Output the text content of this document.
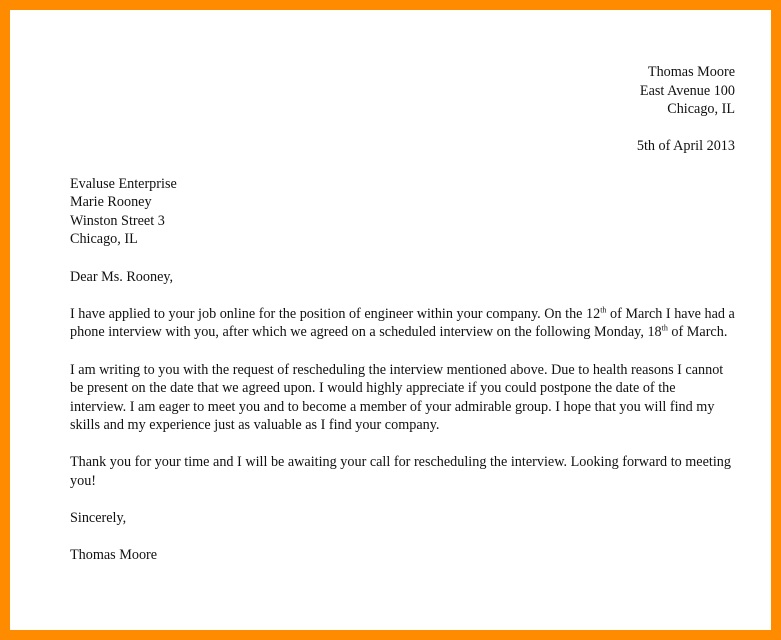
Thomas Moore
East Avenue 100
Chicago, IL
5th of April 2013
Evaluse Enterprise
Marie Rooney
Winston Street 3
Chicago, IL

Dear Ms. Rooney,

I have applied to your job online for the position of engineer within your company. On the 12th of March I have had a phone interview with you, after which we agreed on a scheduled interview on the following Monday, 18th of March.

I am writing to you with the request of rescheduling the interview mentioned above. Due to health reasons I cannot be present on the date that we agreed upon. I would highly appreciate if you could postpone the date of the interview. I am eager to meet you and to become a member of your admirable group. I hope that you will find my skills and my experience just as valuable as I find your company.

Thank you for your time and I will be awaiting your call for rescheduling the interview. Looking forward to meeting you!

Sincerely,

Thomas Moore
